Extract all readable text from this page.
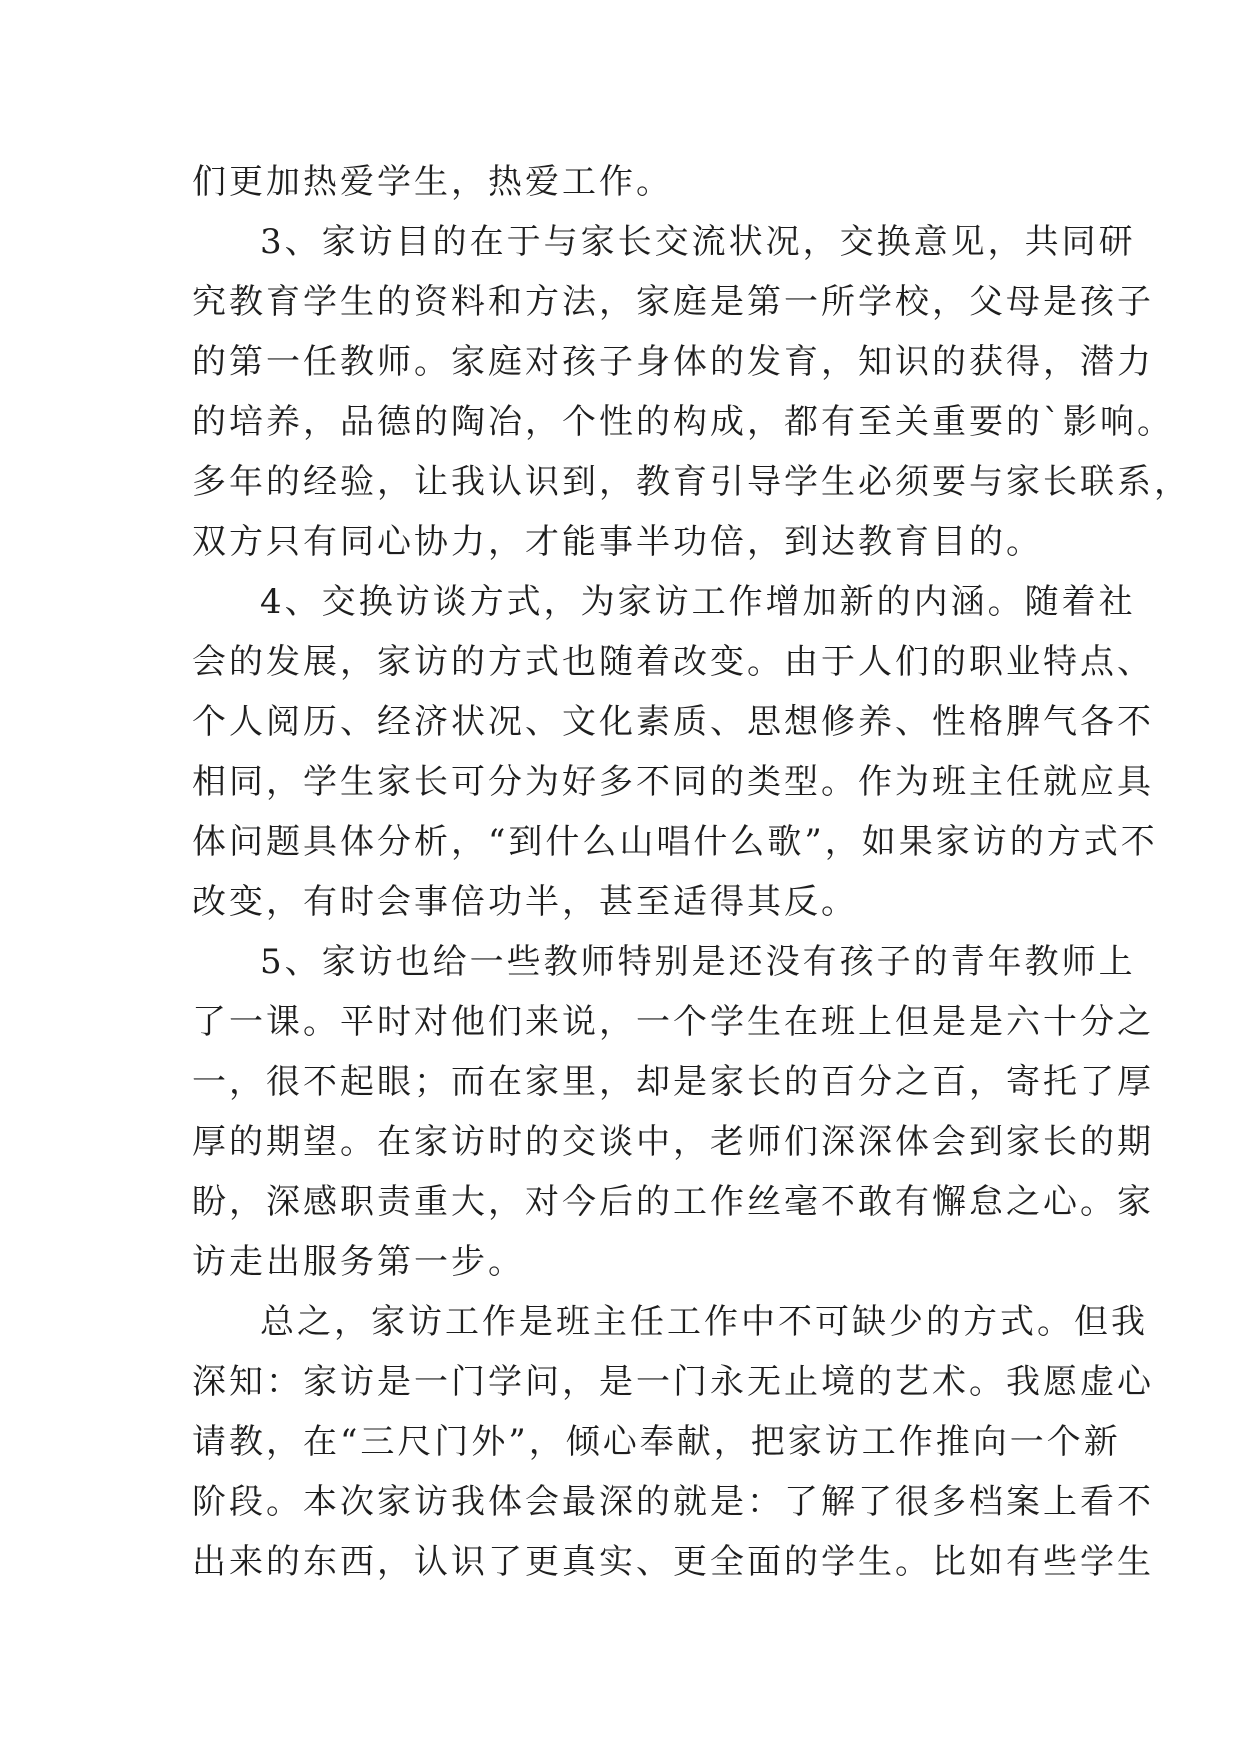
们更加热爱学生，热爱工作。
3、家访目的在于与家长交流状况，交换意见，共同研
究教育学生的资料和方法，家庭是第一所学校，父母是孩子
的第一任教师。家庭对孩子身体的发育，知识的获得，潜力
的培养，品德的陶冶，个性的构成，都有至关重要的`影响。
多年的经验，让我认识到，教育引导学生必须要与家长联系，
双方只有同心协力，才能事半功倍，到达教育目的。
4、交换访谈方式，为家访工作增加新的内涵。随着社
会的发展，家访的方式也随着改变。由于人们的职业特点、
个人阅历、经济状况、文化素质、思想修养、性格脾气各不
相同，学生家长可分为好多不同的类型。作为班主任就应具
体问题具体分析，“到什么山唱什么歌”，如果家访的方式不
改变，有时会事倍功半，甚至适得其反。
5、家访也给一些教师特别是还没有孩子的青年教师上
了一课。平时对他们来说，一个学生在班上但是是六十分之
一，很不起眼；而在家里，却是家长的百分之百，寄托了厚
厚的期望。在家访时的交谈中，老师们深深体会到家长的期
盼，深感职责重大，对今后的工作丝毫不敢有懈怠之心。家
访走出服务第一步。
总之，家访工作是班主任工作中不可缺少的方式。但我
深知：家访是一门学问，是一门永无止境的艺术。我愿虚心
请教，在“三尺门外”，倾心奉献，把家访工作推向一个新
阶段。本次家访我体会最深的就是：了解了很多档案上看不
出来的东西，认识了更真实、更全面的学生。比如有些学生
